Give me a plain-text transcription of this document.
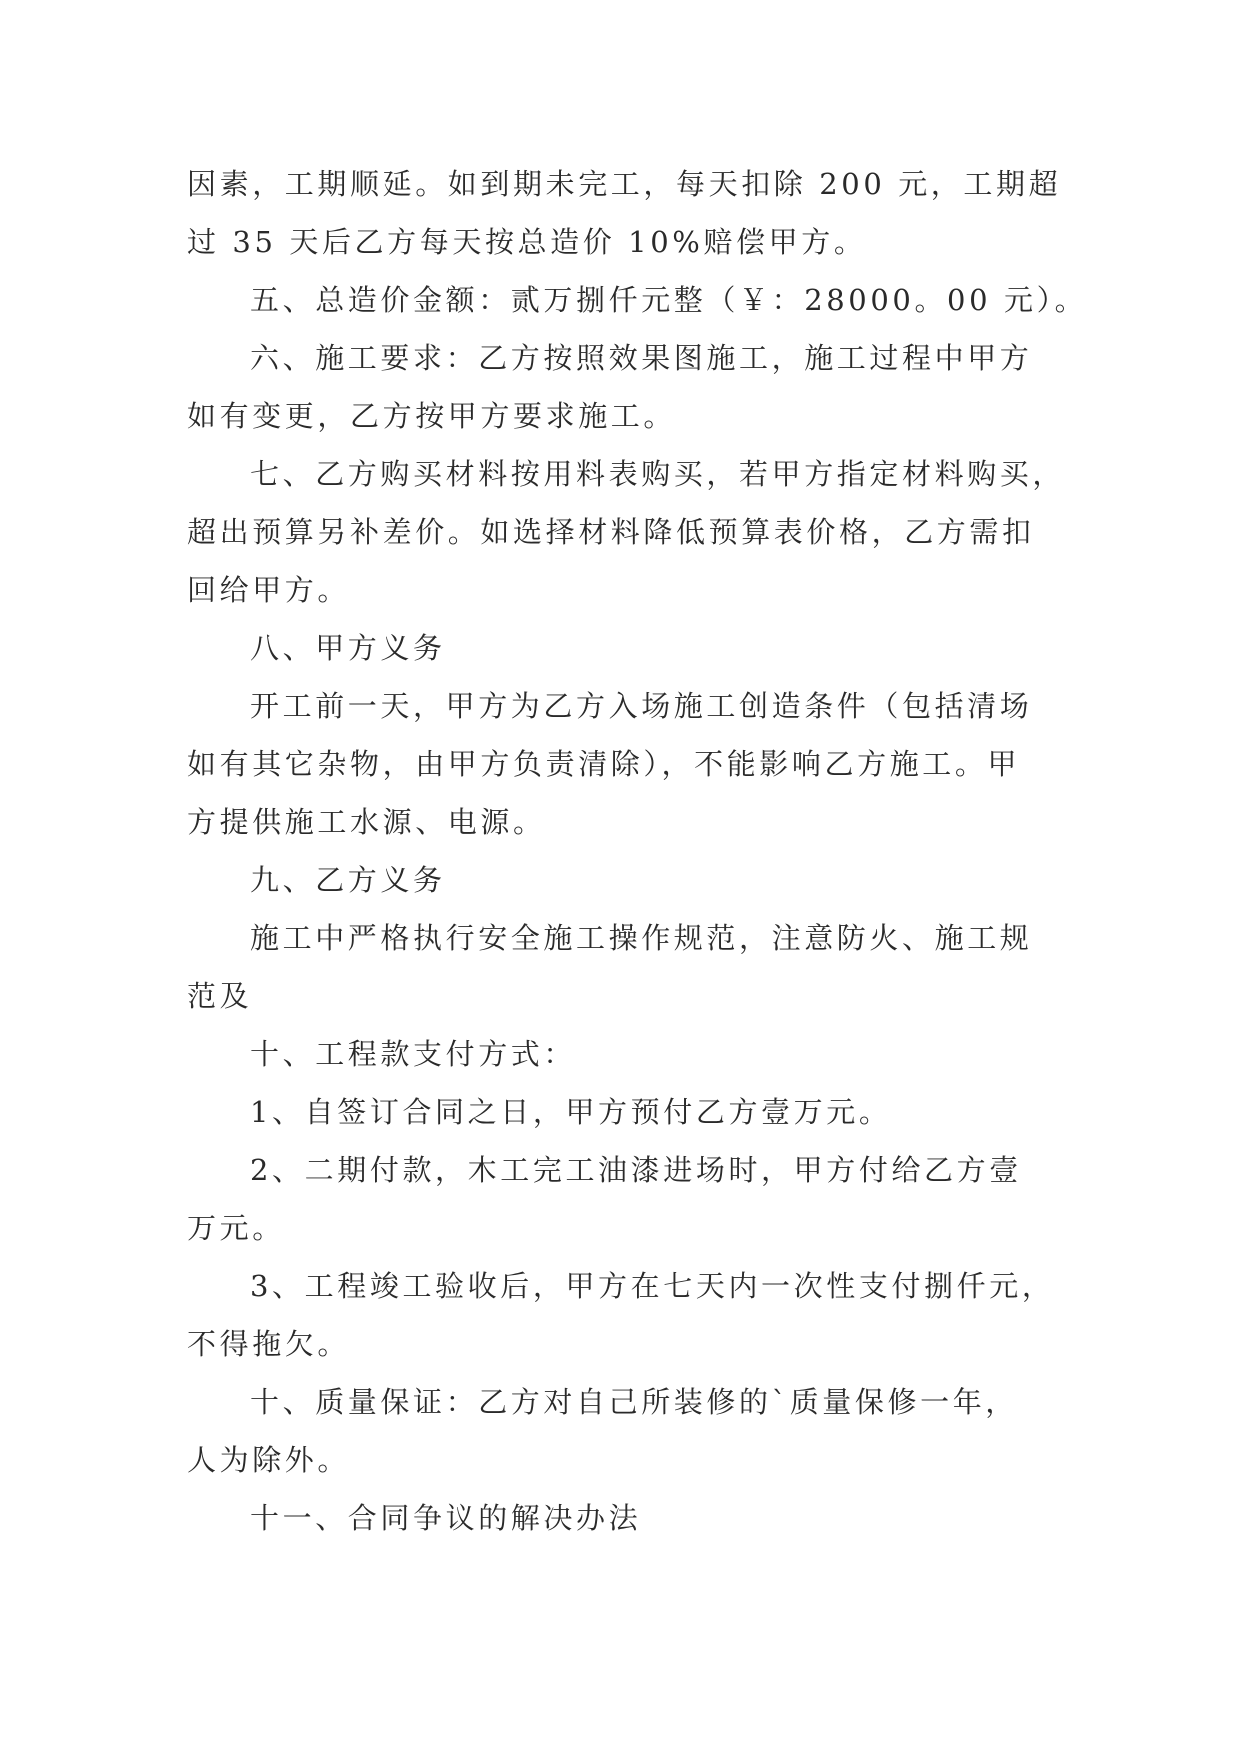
因素，工期顺延。如到期未完工，每天扣除 200 元，工期超
过 35 天后乙方每天按总造价 10%赔偿甲方。
五、总造价金额：贰万捌仟元整（￥：28000。00 元）。
六、施工要求：乙方按照效果图施工，施工过程中甲方
如有变更，乙方按甲方要求施工。
七、乙方购买材料按用料表购买，若甲方指定材料购买，
超出预算另补差价。如选择材料降低预算表价格，乙方需扣
回给甲方。
八、甲方义务
开工前一天，甲方为乙方入场施工创造条件（包括清场
如有其它杂物，由甲方负责清除），不能影响乙方施工。甲
方提供施工水源、电源。
九、乙方义务
施工中严格执行安全施工操作规范，注意防火、施工规
范及
十、工程款支付方式：
1、自签订合同之日，甲方预付乙方壹万元。
2、二期付款，木工完工油漆进场时，甲方付给乙方壹
万元。
3、工程竣工验收后，甲方在七天内一次性支付捌仟元，
不得拖欠。
十、质量保证：乙方对自己所装修的`质量保修一年，
人为除外。
十一、合同争议的解决办法
